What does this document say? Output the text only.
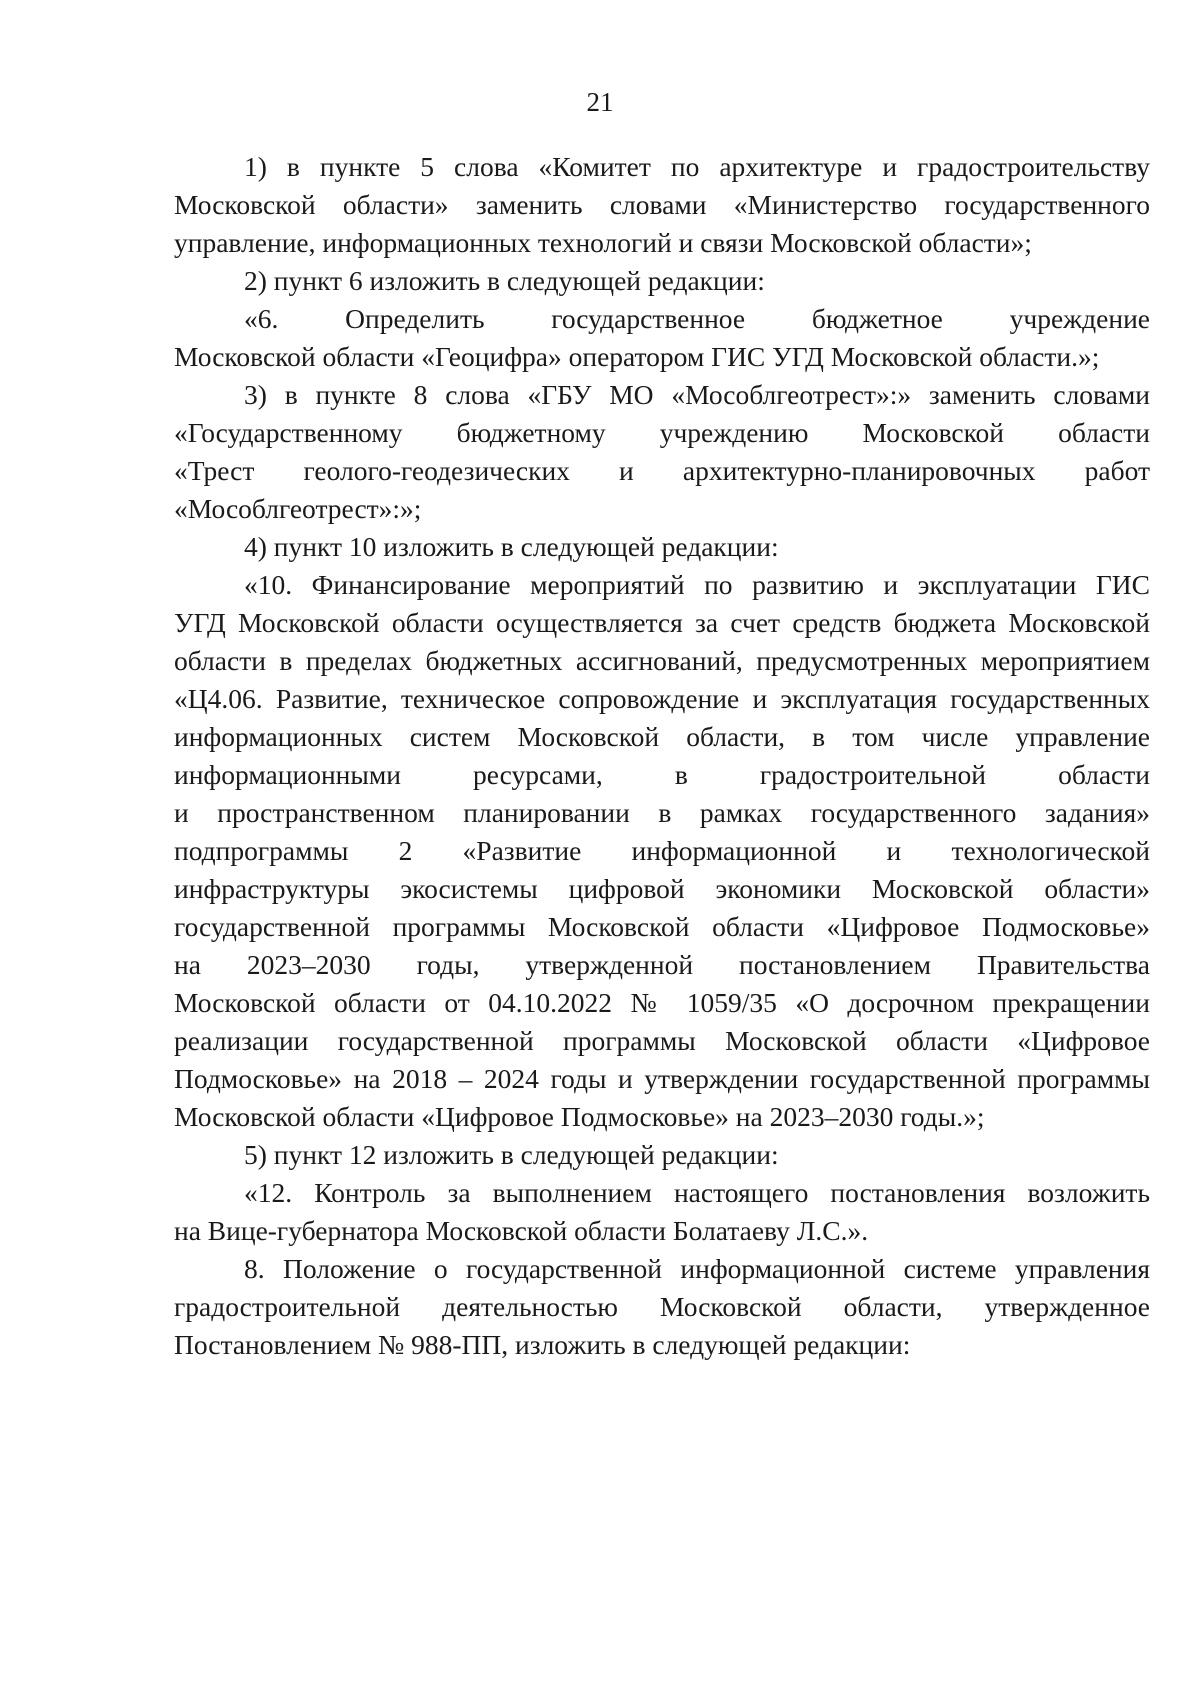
21
1) в пункте 5 слова «Комитет по архитектуре и градостроительству
Московской области» заменить словами «Министерство государственного
управление, информационных технологий и связи Московской области»;
2) пункт 6 изложить в следующей редакции:
«6. Определить государственное бюджетное учреждение
Московской области «Геоцифра» оператором ГИС УГД Московской области.»;
3) в пункте 8 слова «ГБУ МО «Мособлгеотрест»:» заменить словами
«Государственному бюджетному учреждению Московской области
«Трест геолого-геодезических и архитектурно-планировочных работ
«Мособлгеотрест»:»;
4) пункт 10 изложить в следующей редакции:
«10. Финансирование мероприятий по развитию и эксплуатации ГИС
УГД Московской области осуществляется за счет средств бюджета Московской
области в пределах бюджетных ассигнований, предусмотренных мероприятием
«Ц4.06. Развитие, техническое сопровождение и эксплуатация государственных
информационных систем Московской области, в том числе управление
информационными ресурсами, в градостроительной области
и пространственном планировании в рамках государственного задания»
подпрограммы 2 «Развитие информационной и технологической
инфраструктуры экосистемы цифровой экономики Московской области»
государственной программы Московской области «Цифровое Подмосковье»
на 2023–2030 годы, утвержденной постановлением Правительства
Московской области от 04.10.2022 № 1059/35 «О досрочном прекращении
реализации государственной программы Московской области «Цифровое
Подмосковье» на 2018 – 2024 годы и утверждении государственной программы
Московской области «Цифровое Подмосковье» на 2023–2030 годы.»;
5) пункт 12 изложить в следующей редакции:
«12. Контроль за выполнением настоящего постановления возложить
на Вице-губернатора Московской области Болатаеву Л.С.».
8. Положение о государственной информационной системе управления
градостроительной деятельностью Московской области, утвержденное
Постановлением № 988-ПП, изложить в следующей редакции:
